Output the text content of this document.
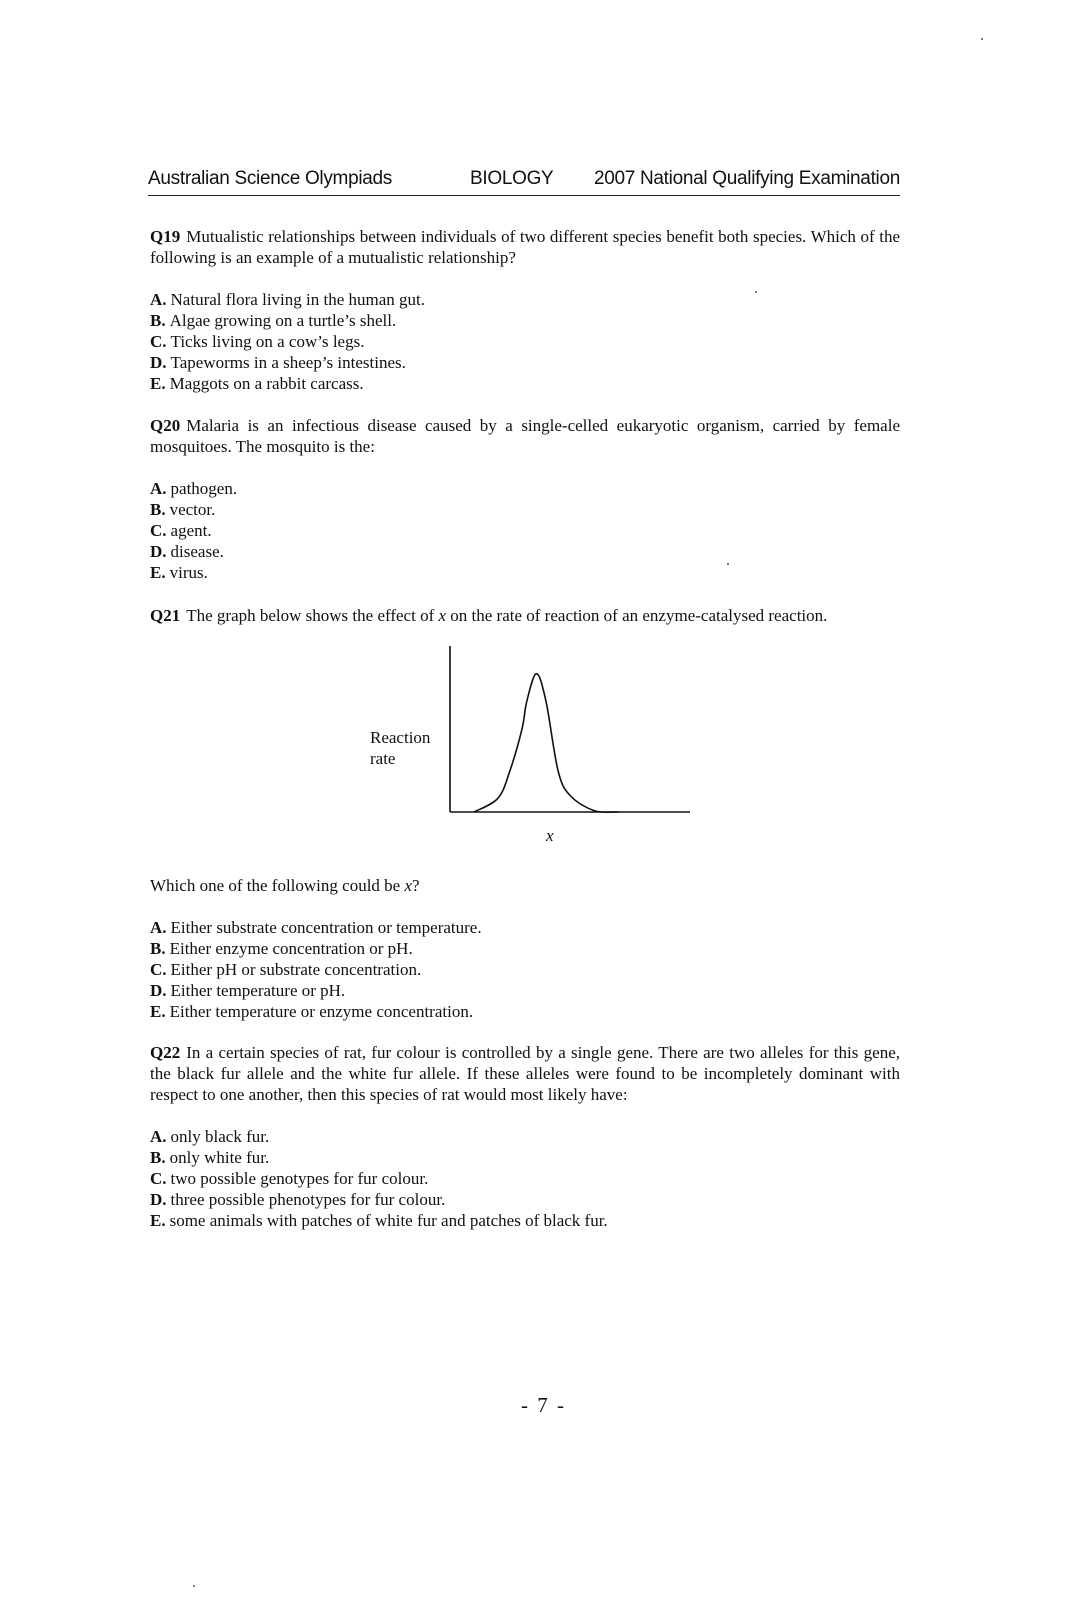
Australian Science Olympiads	BIOLOGY 2007 National Qualifying Examination

Q19 Mutualistic relationships between individuals of two different species benefit both species. Which of the following is an example of a mutualistic relationship?

A. Natural flora living in the human gut.
B. Algae growing on a turtle’s shell.
C. Ticks living on a cow’s legs.
D. Tapeworms in a sheep’s intestines.
E. Maggots on a rabbit carcass.

Q20 Malaria is an infectious disease caused by a single-celled eukaryotic organism, carried by female mosquitoes. The mosquito is the:

A. pathogen.
B. vector.
C. agent.
D. disease.
E. virus.

Q21 The graph below shows the effect of x on the rate of reaction of an enzyme-catalysed reaction.

Reaction
rate
x

Which one of the following could be x?

A. Either substrate concentration or temperature.
B. Either enzyme concentration or pH.
C. Either pH or substrate concentration.
D. Either temperature or pH.
E. Either temperature or enzyme concentration.

Q22 In a certain species of rat, fur colour is controlled by a single gene. There are two alleles for this gene, the black fur allele and the white fur allele. If these alleles were found to be incompletely dominant with respect to one another, then this species of rat would most likely have:

A. only black fur.
B. only white fur.
C. two possible genotypes for fur colour.
D. three possible phenotypes for fur colour.
E. some animals with patches of white fur and patches of black fur.
- 7 -
